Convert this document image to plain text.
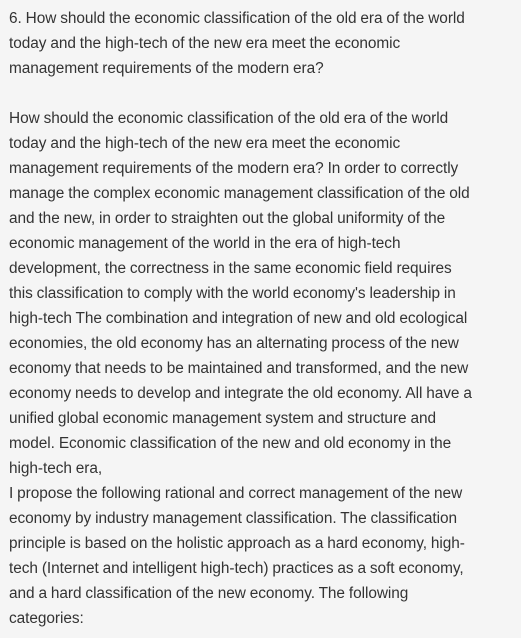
6. How should the economic classification of the old era of the world
today and the high-tech of the new era meet the economic
management requirements of the modern era?

How should the economic classification of the old era of the world
today and the high-tech of the new era meet the economic
management requirements of the modern era? In order to correctly
manage the complex economic management classification of the old
and the new, in order to straighten out the global uniformity of the
economic management of the world in the era of high-tech
development, the correctness in the same economic field requires
this classification to comply with the world economy's leadership in
high-tech The combination and integration of new and old ecological
economies, the old economy has an alternating process of the new
economy that needs to be maintained and transformed, and the new
economy needs to develop and integrate the old economy. All have a
unified global economic management system and structure and
model. Economic classification of the new and old economy in the
high-tech era,

I propose the following rational and correct management of the new
economy by industry management classification. The classification
principle is based on the holistic approach as a hard economy, high-
tech (Internet and intelligent high-tech) practices as a soft economy,
and a hard classification of the new economy. The following
categories:
